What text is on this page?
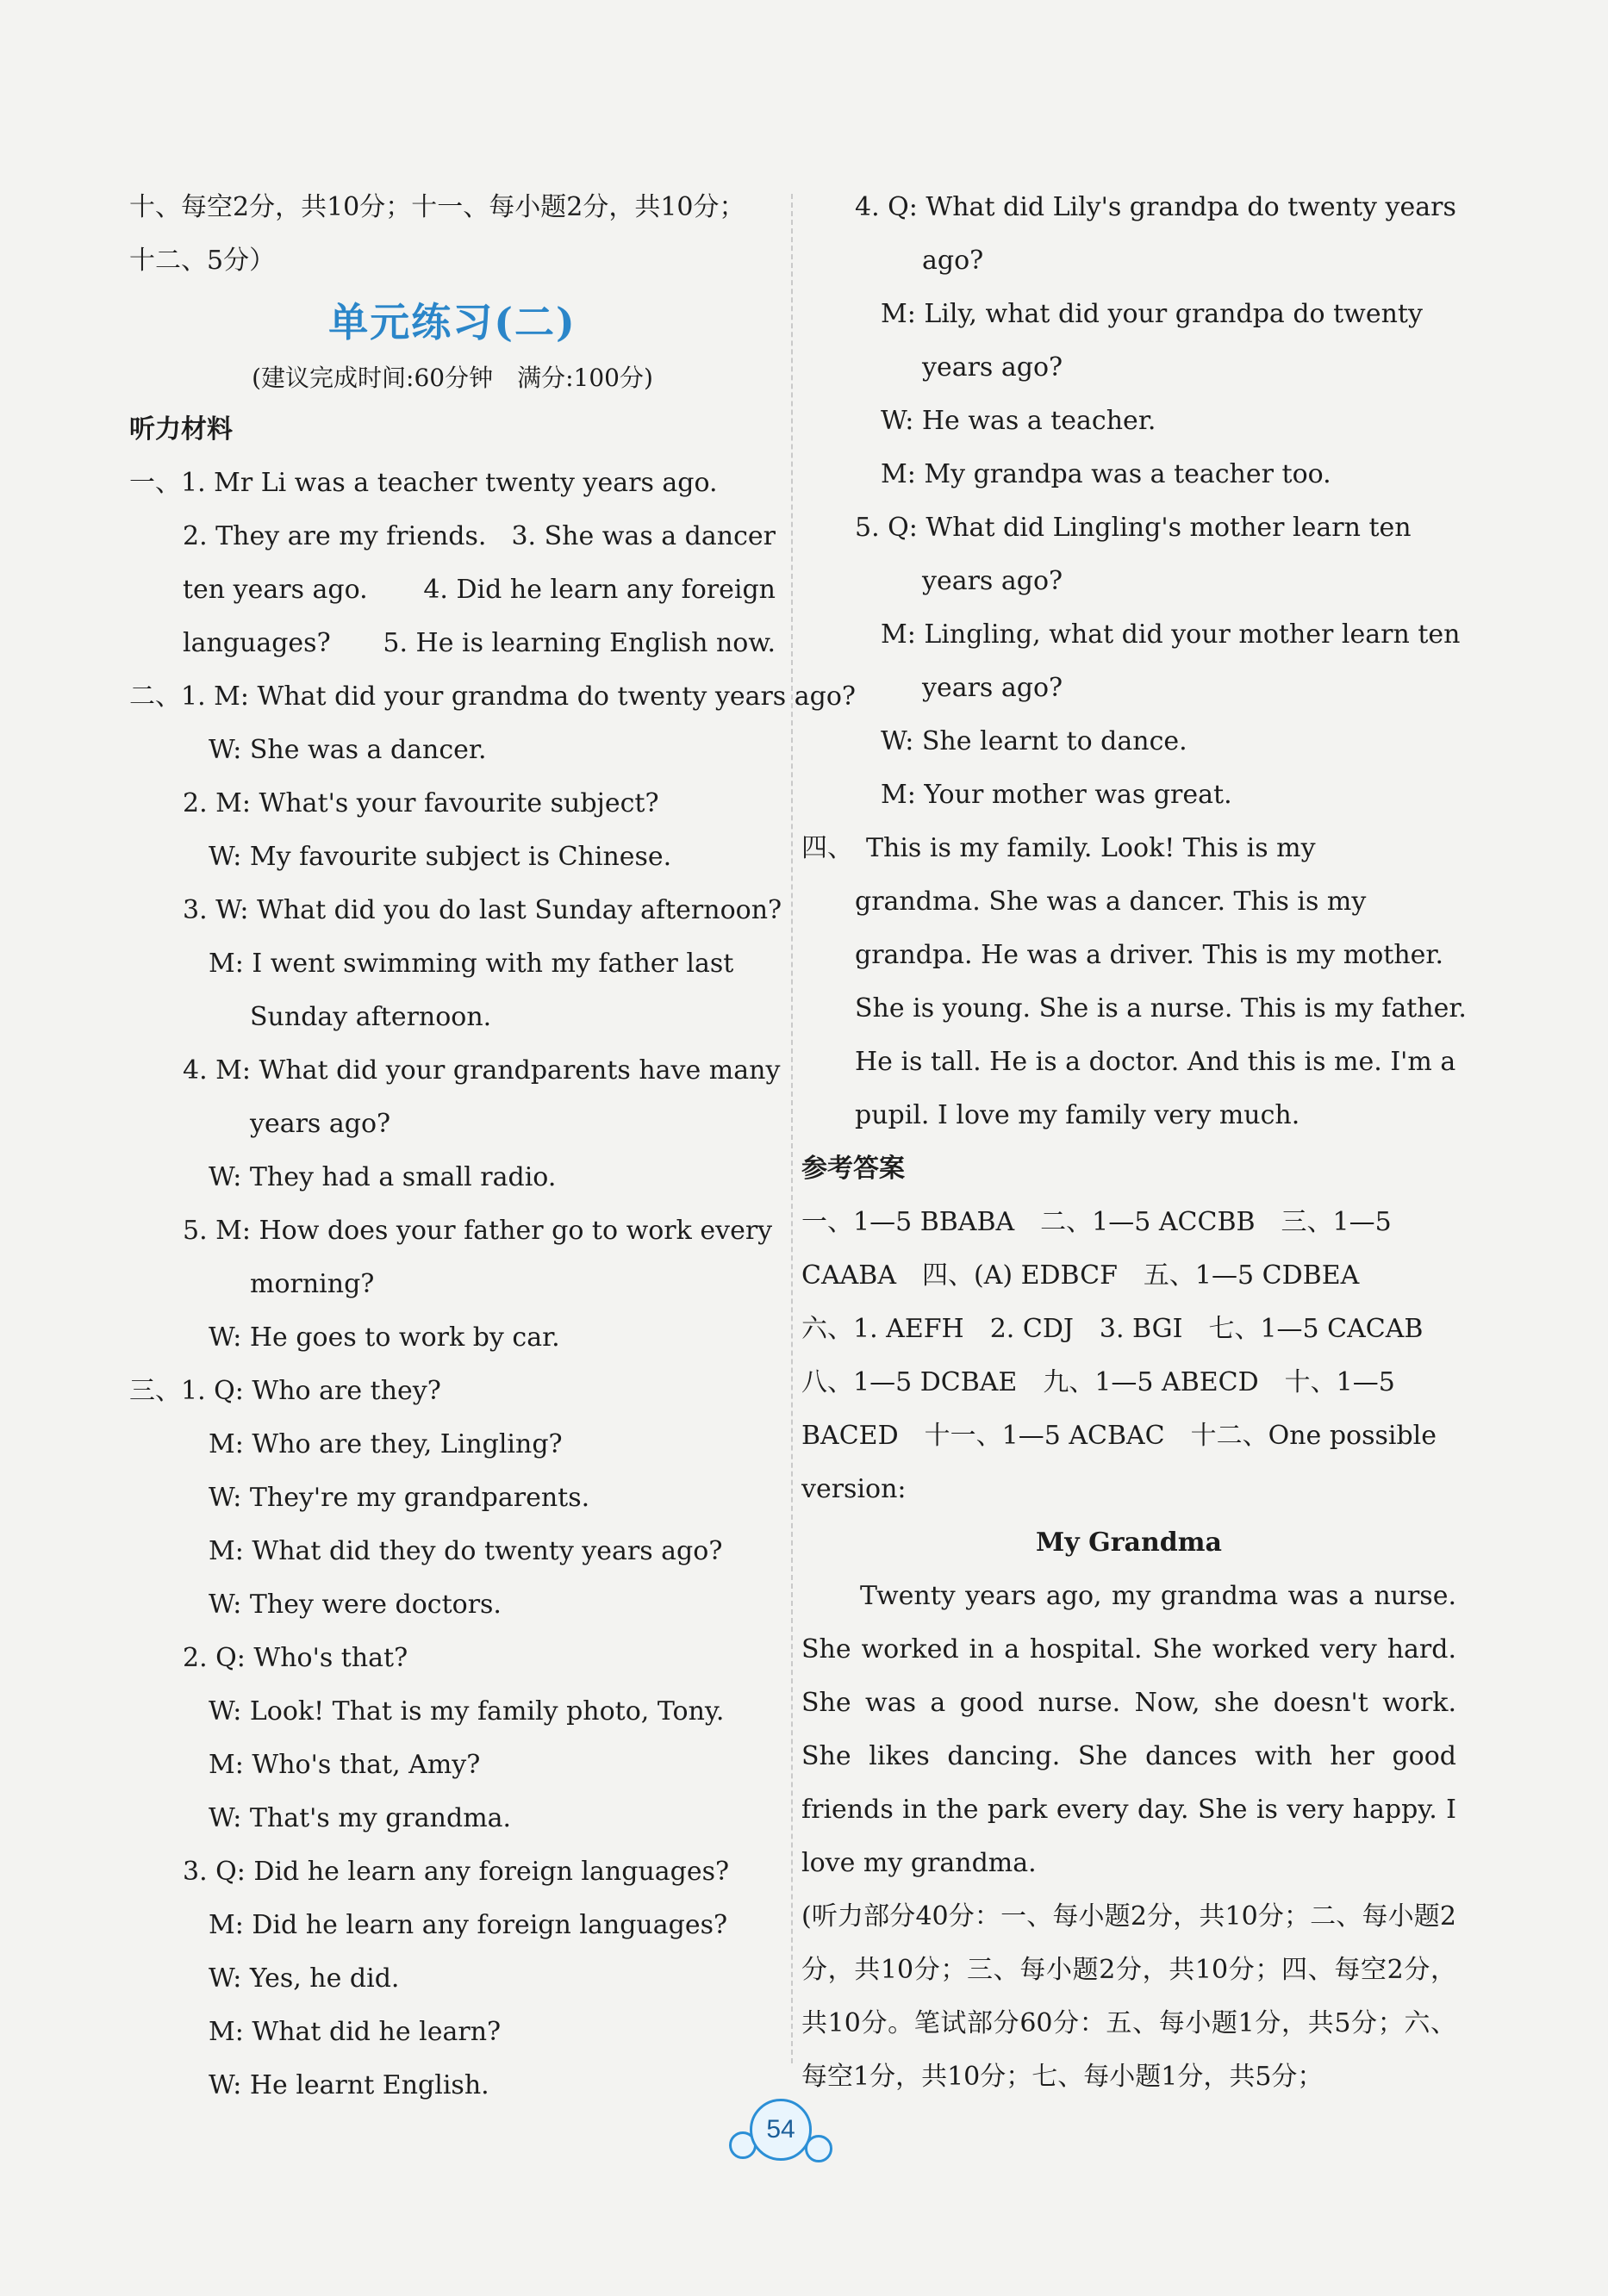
十、每空2分，共10分；十一、每小题2分，共10分；
十二、5分）
单元练习(二)
(建议完成时间:60分钟　满分:100分)
听力材料
一、1. Mr Li was a teacher twenty years ago.
2. They are my friends. 3. She was a dancer
ten years ago. 4. Did he learn any foreign
languages? 5. He is learning English now.
二、1. M: What did your grandma do twenty years ago?
W: She was a dancer.
2. M: What's your favourite subject?
W: My favourite subject is Chinese.
3. W: What did you do last Sunday afternoon?
M: I went swimming with my father last
Sunday afternoon.
4. M: What did your grandparents have many
years ago?
W: They had a small radio.
5. M: How does your father go to work every
morning?
W: He goes to work by car.
三、1. Q: Who are they?
M: Who are they, Lingling?
W: They're my grandparents.
M: What did they do twenty years ago?
W: They were doctors.
2. Q: Who's that?
W: Look! That is my family photo, Tony.
M: Who's that, Amy?
W: That's my grandma.
3. Q: Did he learn any foreign languages?
M: Did he learn any foreign languages?
W: Yes, he did.
M: What did he learn?
W: He learnt English.
4. Q: What did Lily's grandpa do twenty years
ago?
M: Lily, what did your grandpa do twenty
years ago?
W: He was a teacher.
M: My grandpa was a teacher too.
5. Q: What did Lingling's mother learn ten
years ago?
M: Lingling, what did your mother learn ten
years ago?
W: She learnt to dance.
M: Your mother was great.
四、　This is my family. Look! This is my
grandma. She was a dancer. This is my
grandpa. He was a driver. This is my mother.
She is young. She is a nurse. This is my father.
He is tall. He is a doctor. And this is me. I'm a
pupil. I love my family very much.
参考答案
一、1—5 BBABA　二、1—5 ACCBB　三、1—5
CAABA　四、(A) EDBCF　五、1—5 CDBEA
六、1. AEFH　2. CDJ　3. BGI　七、1—5 CACAB
八、1—5 DCBAE　九、1—5 ABECD　十、1—5
BACED　十一、1—5 ACBAC　十二、One possible
version:
My Grandma
Twenty years ago, my grandma was a nurse. She worked in a hospital. She worked very hard. She was a good nurse. Now, she doesn't work. She likes dancing. She dances with her good friends in the park every day. She is very happy. I love my grandma.
(听力部分40分：一、每小题2分，共10分；二、每小题2分，共10分；三、每小题2分，共10分；四、每空2分，共10分。笔试部分60分：五、每小题1分，共5分；六、每空1分，共10分；七、每小题1分，共5分；
54
